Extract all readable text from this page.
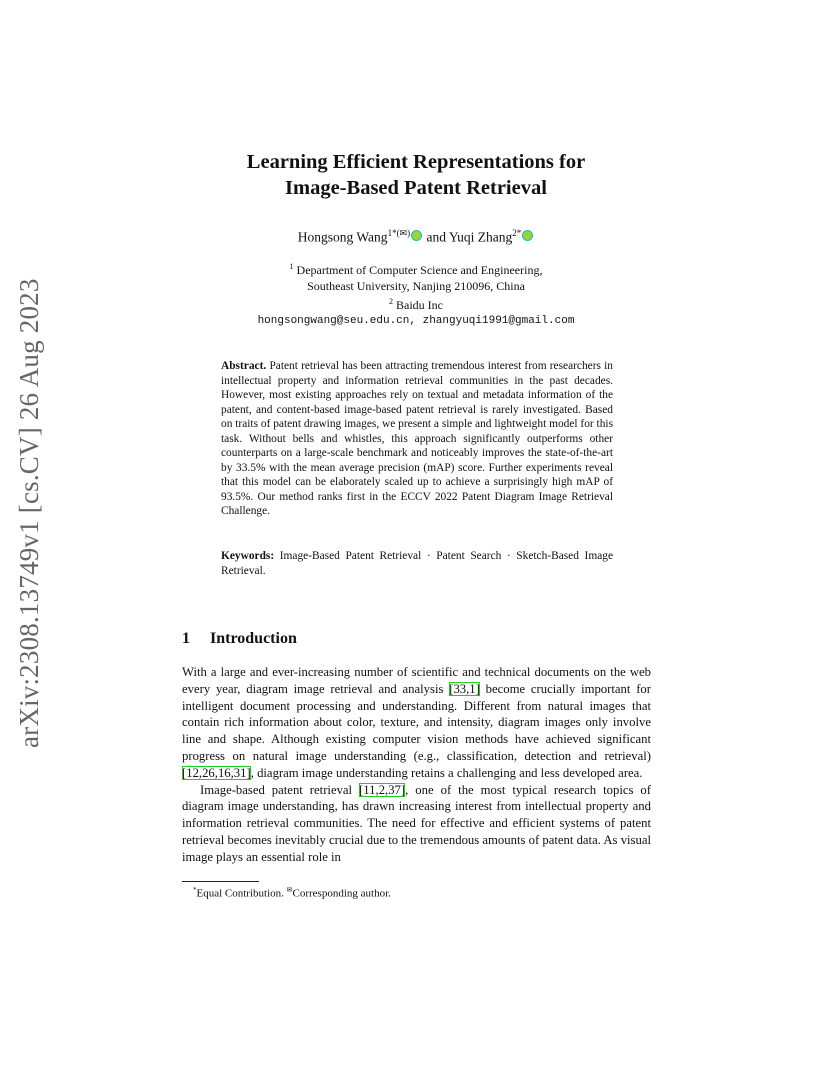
arXiv:2308.13749v1 [cs.CV] 26 Aug 2023
Learning Efficient Representations for
Image-Based Patent Retrieval
Hongsong Wang$^{1*(✉)}$ and Yuqi Zhang$^{2*}$
$^1$ Department of Computer Science and Engineering,
Southeast University, Nanjing 210096, China
$^2$ Baidu Inc
hongsongwang@seu.edu.cn, zhangyuqi1991@gmail.com
Abstract. Patent retrieval has been attracting tremendous interest from researchers in intellectual property and information retrieval communities in the past decades. However, most existing approaches rely on textual and metadata information of the patent, and content-based image-based patent retrieval is rarely investigated. Based on traits of patent drawing images, we present a simple and lightweight model for this task. Without bells and whistles, this approach significantly outperforms other counterparts on a large-scale benchmark and noticeably improves the state-of-the-art by 33.5% with the mean average precision (mAP) score. Further experiments reveal that this model can be elaborately scaled up to achieve a surprisingly high mAP of 93.5%. Our method ranks first in the ECCV 2022 Patent Diagram Image Retrieval Challenge.
Keywords: Image-Based Patent Retrieval · Patent Search · Sketch-Based Image Retrieval.
1 Introduction

With a large and ever-increasing number of scientific and technical documents on the web every year, diagram image retrieval and analysis [33,1] become crucially important for intelligent document processing and understanding. Different from natural images that contain rich information about color, texture, and intensity, diagram images only involve line and shape. Although existing computer vision methods have achieved significant progress on natural image understanding (e.g., classification, detection and retrieval) [12,26,16,31], diagram image understanding retains a challenging and less developed area.

Image-based patent retrieval [11,2,37], one of the most typical research topics of diagram image understanding, has drawn increasing interest from intellectual property and information retrieval communities. The need for effective and efficient systems of patent retrieval becomes inevitably crucial due to the tremendous amounts of patent data. As visual image plays an essential role in

*Equal Contribution. ✉Corresponding author.
